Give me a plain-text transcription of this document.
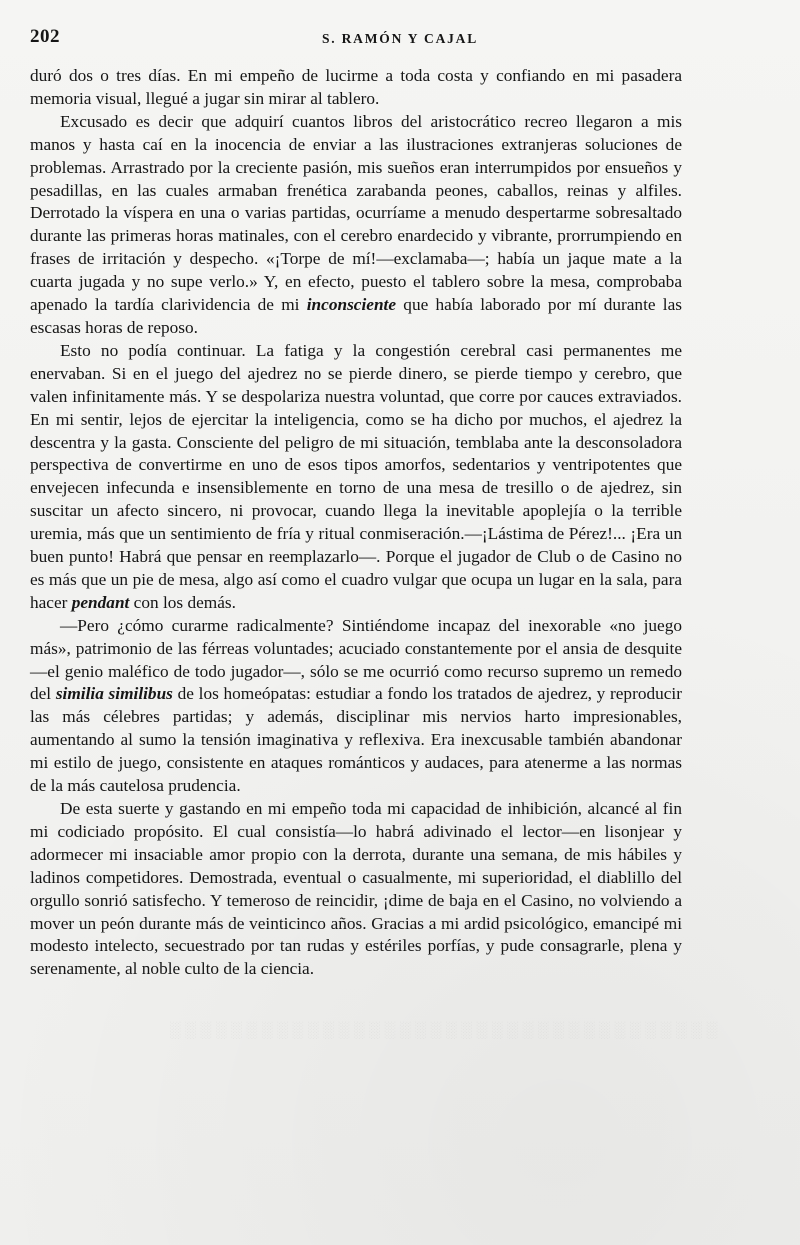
202	S. RAMÓN Y CAJAL

duró dos o tres días. En mi empeño de lucirme a toda costa y confiando en mi pasadera memoria visual, llegué a jugar sin mirar al tablero.

Excusado es decir que adquirí cuantos libros del aristocrático recreo llegaron a mis manos y hasta caí en la inocencia de enviar a las ilustraciones extranjeras soluciones de problemas. Arrastrado por la creciente pasión, mis sueños eran interrumpidos por ensueños y pesadillas, en las cuales armaban frenética zarabanda peones, caballos, reinas y alfiles. Derrotado la víspera en una o varias partidas, ocurríame a menudo despertarme sobresaltado durante las primeras horas matinales, con el cerebro enardecido y vibrante, prorrumpiendo en frases de irritación y despecho. «¡Torpe de mí!—exclamaba—; había un jaque mate a la cuarta jugada y no supe verlo.» Y, en efecto, puesto el tablero sobre la mesa, comprobaba apenado la tardía clarividencia de mi inconsciente que había laborado por mí durante las escasas horas de reposo.

Esto no podía continuar. La fatiga y la congestión cerebral casi permanentes me enervaban. Si en el juego del ajedrez no se pierde dinero, se pierde tiempo y cerebro, que valen infinitamente más. Y se despolariza nuestra voluntad, que corre por cauces extraviados. En mi sentir, lejos de ejercitar la inteligencia, como se ha dicho por muchos, el ajedrez la descentra y la gasta. Consciente del peligro de mi situación, temblaba ante la desconsoladora perspectiva de convertirme en uno de esos tipos amorfos, sedentarios y ventripotentes que envejecen infecunda e insensiblemente en torno de una mesa de tresillo o de ajedrez, sin suscitar un afecto sincero, ni provocar, cuando llega la inevitable apoplejía o la terrible uremia, más que un sentimiento de fría y ritual conmiseración.—¡Lástima de Pérez!... ¡Era un buen punto! Habrá que pensar en reemplazarlo—. Porque el jugador de Club o de Casino no es más que un pie de mesa, algo así como el cuadro vulgar que ocupa un lugar en la sala, para hacer pendant con los demás.

—Pero ¿cómo curarme radicalmente? Sintiéndome incapaz del inexorable «no juego más», patrimonio de las férreas voluntades; acuciado constantemente por el ansia de desquite—el genio maléfico de todo jugador—, sólo se me ocurrió como recurso supremo un remedo del similia similibus de los homeópatas: estudiar a fondo los tratados de ajedrez, y reproducir las más célebres partidas; y además, disciplinar mis nervios harto impresionables, aumentando al sumo la tensión imaginativa y reflexiva. Era inexcusable también abandonar mi estilo de juego, consistente en ataques románticos y audaces, para atenerme a las normas de la más cautelosa prudencia.

De esta suerte y gastando en mi empeño toda mi capacidad de inhibición, alcancé al fin mi codiciado propósito. El cual consistía—lo habrá adivinado el lector—en lisonjear y adormecer mi insaciable amor propio con la derrota, durante una semana, de mis hábiles y ladinos competidores. Demostrada, eventual o casualmente, mi superioridad, el diablillo del orgullo sonrió satisfecho. Y temeroso de reincidir, ¡dime de baja en el Casino, no volviendo a mover un peón durante más de veinticinco años. Gracias a mi ardid psicológico, emancipé mi modesto intelecto, secuestrado por tan rudas y estériles porfías, y pude consagrarle, plena y serenamente, al noble culto de la ciencia.

░ ░ ░ ░ ░ ░ ░ ░ ░ ░ ░ ░ ░ ░ ░ ░ ░ ░ ░ ░ ░ ░ ░ ░ ░ ░ ░ ░ ░ ░ ░ ░ ░ ░ ░ ░
